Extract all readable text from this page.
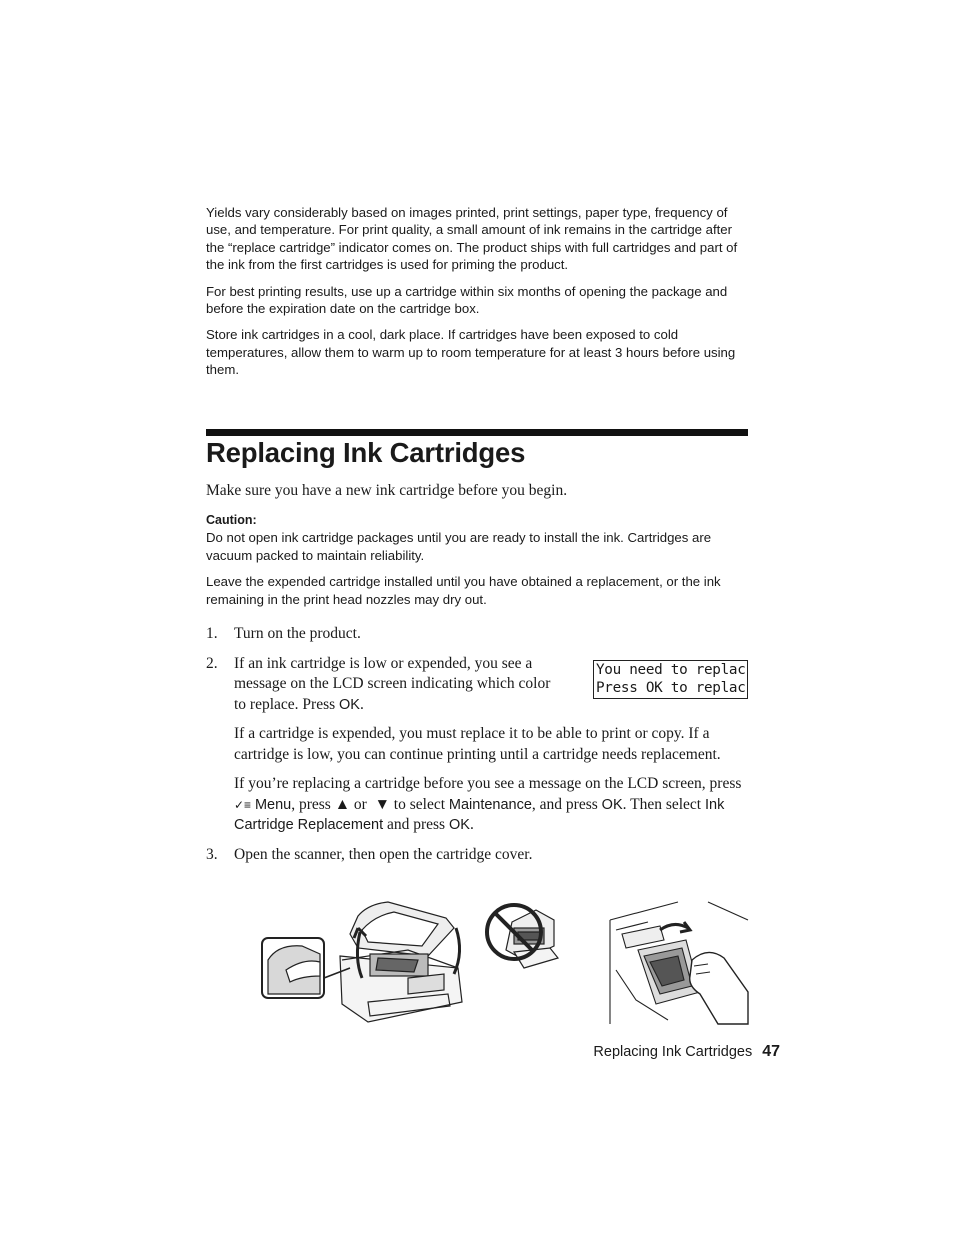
Yields vary considerably based on images printed, print settings, paper type, frequency of use, and temperature. For print quality, a small amount of ink remains in the cartridge after the “replace cartridge” indicator comes on. The product ships with full cartridges and part of the ink from the first cartridges is used for priming the product.

For best printing results, use up a cartridge within six months of opening the package and before the expiration date on the cartridge box.

Store ink cartridges in a cool, dark place. If cartridges have been exposed to cold temperatures, allow them to warm up to room temperature for at least 3 hours before using them.

Replacing Ink Cartridges

Make sure you have a new ink cartridge before you begin.

Caution:

Do not open ink cartridge packages until you are ready to install the ink. Cartridges are vacuum packed to maintain reliability.

Leave the expended cartridge installed until you have obtained a replacement, or the ink remaining in the print head nozzles may dry out.

1. Turn on the product.

2. If an ink cartridge is low or expended, you see a message on the LCD screen indicating which color to replace. Press OK.

If a cartridge is expended, you must replace it to be able to print or copy. If a cartridge is low, you can continue printing until a cartridge needs replacement.

If you’re replacing a cartridge before you see a message on the LCD screen, press ✓≡ Menu, press ▲ or  ▼ to select Maintenance, and press OK. Then select Ink Cartridge Replacement and press OK.

3. Open the scanner, then open the cartridge cover.

You need to replac
Press OK to replac
Replacing Ink Cartridges 47
